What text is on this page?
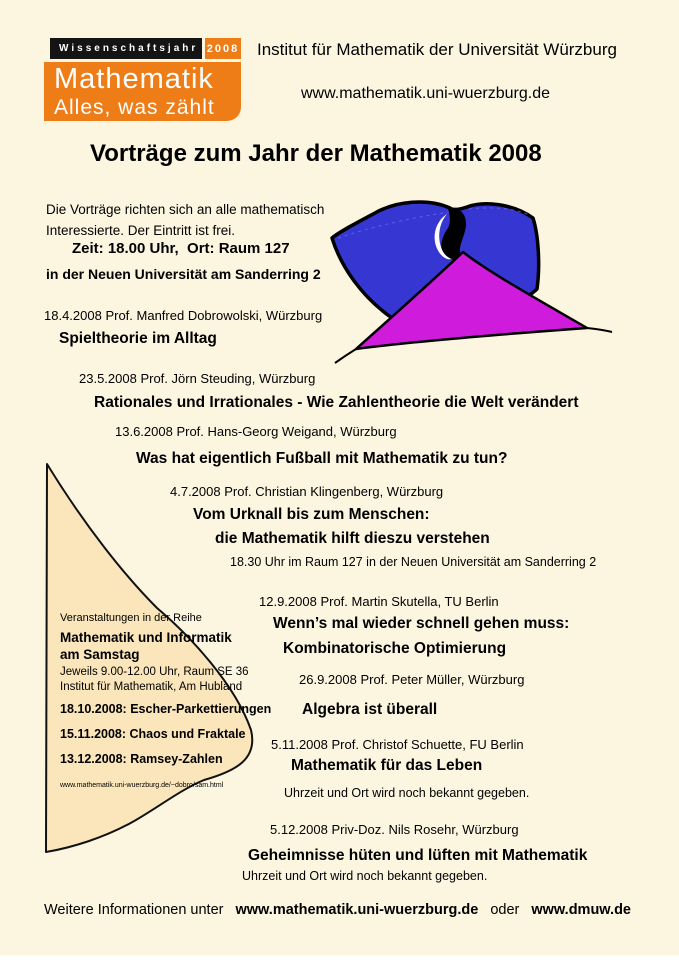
Wissenschaftsjahr 2008
Mathematik
Alles, was zählt
Institut für Mathematik der Universität Würzburg
www.mathematik.uni-wuerzburg.de
Vorträge zum Jahr der Mathematik 2008
Die Vorträge richten sich an alle mathematisch
Interessierte. Der Eintritt ist frei.
Zeit: 18.00 Uhr,  Ort: Raum 127
in der Neuen Universität am Sanderring 2
Veranstaltungen in der Reihe
Mathematik und Informatik
am Samstag
Jeweils 9.00-12.00 Uhr, Raum SE 36
Institut für Mathematik, Am Hubland
18.10.2008: Escher-Parkettierungen
15.11.2008: Chaos und Fraktale
13.12.2008: Ramsey-Zahlen
www.mathematik.uni-wuerzburg.de/~dobro/sam.html
18.4.2008 Prof. Manfred Dobrowolski, Würzburg
Spieltheorie im Alltag
23.5.2008 Prof. Jörn Steuding, Würzburg
Rationales und Irrationales - Wie Zahlentheorie die Welt verändert
13.6.2008 Prof. Hans-Georg Weigand, Würzburg
Was hat eigentlich Fußball mit Mathematik zu tun?
4.7.2008 Prof. Christian Klingenberg, Würzburg
Vom Urknall bis zum Menschen:
die Mathematik hilft dieszu verstehen
18.30 Uhr im Raum 127 in der Neuen Universität am Sanderring 2
12.9.2008 Prof. Martin Skutella, TU Berlin
Wenn’s mal wieder schnell gehen muss:
Kombinatorische Optimierung
26.9.2008 Prof. Peter Müller, Würzburg
Algebra ist überall
5.11.2008 Prof. Christof Schuette, FU Berlin
Mathematik für das Leben
Uhrzeit und Ort wird noch bekannt gegeben.
5.12.2008 Priv-Doz. Nils Rosehr, Würzburg
Geheimnisse hüten und lüften mit Mathematik
Uhrzeit und Ort wird noch bekannt gegeben.
Weitere Informationen unter www.mathematik.uni-wuerzburg.de oder www.dmuw.de
